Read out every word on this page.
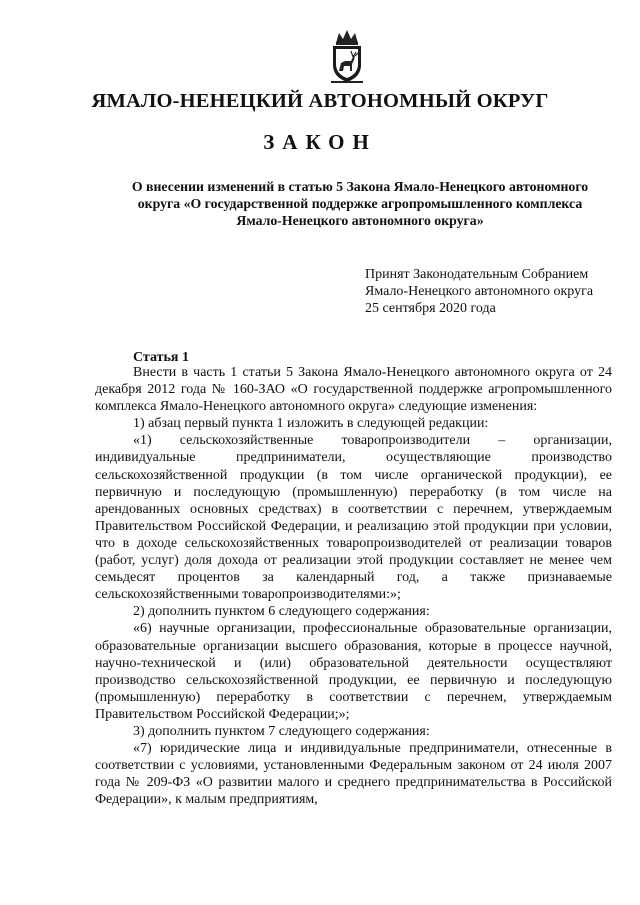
ЯМАЛО-НЕНЕЦКИЙ АВТОНОМНЫЙ ОКРУГ
ЗАКОН
О внесении изменений в статью 5 Закона Ямало-Ненецкого автономного
округа «О государственной поддержке агропромышленного комплекса
Ямало-Ненецкого автономного округа»
Принят Законодательным Собранием
Ямало-Ненецкого автономного округа
25 сентября 2020 года
Статья 1

Внести в часть 1 статьи 5 Закона Ямало-Ненецкого автономного округа от 24 декабря 2012 года № 160-ЗАО «О государственной поддержке агропромышленного комплекса Ямало-Ненецкого автономного округа» следующие изменения:

1) абзац первый пункта 1 изложить в следующей редакции:

«1) сельскохозяйственные товаропроизводители – организации, индивидуальные предприниматели, осуществляющие производство сельскохозяйственной продукции (в том числе органической продукции), ее первичную и последующую (промышленную) переработку (в том числе на арендованных основных средствах) в соответствии с перечнем, утверждаемым Правительством Российской Федерации, и реализацию этой продукции при условии, что в доходе сельскохозяйственных товаропроизводителей от реализации товаров (работ, услуг) доля дохода от реализации этой продукции составляет не менее чем семьдесят процентов за календарный год, а также признаваемые сельскохозяйственными товаропроизводителями:»;

2) дополнить пунктом 6 следующего содержания:

«6) научные организации, профессиональные образовательные организации, образовательные организации высшего образования, которые в процессе научной, научно-технической и (или) образовательной деятельности осуществляют производство сельскохозяйственной продукции, ее первичную и последующую (промышленную) переработку в соответствии с перечнем, утверждаемым Правительством Российской Федерации;»;

3) дополнить пунктом 7 следующего содержания:

«7) юридические лица и индивидуальные предприниматели, отнесенные в соответствии с условиями, установленными Федеральным законом от 24 июля 2007 года № 209-ФЗ «О развитии малого и среднего предпринимательства в Российской Федерации», к малым предприятиям,
